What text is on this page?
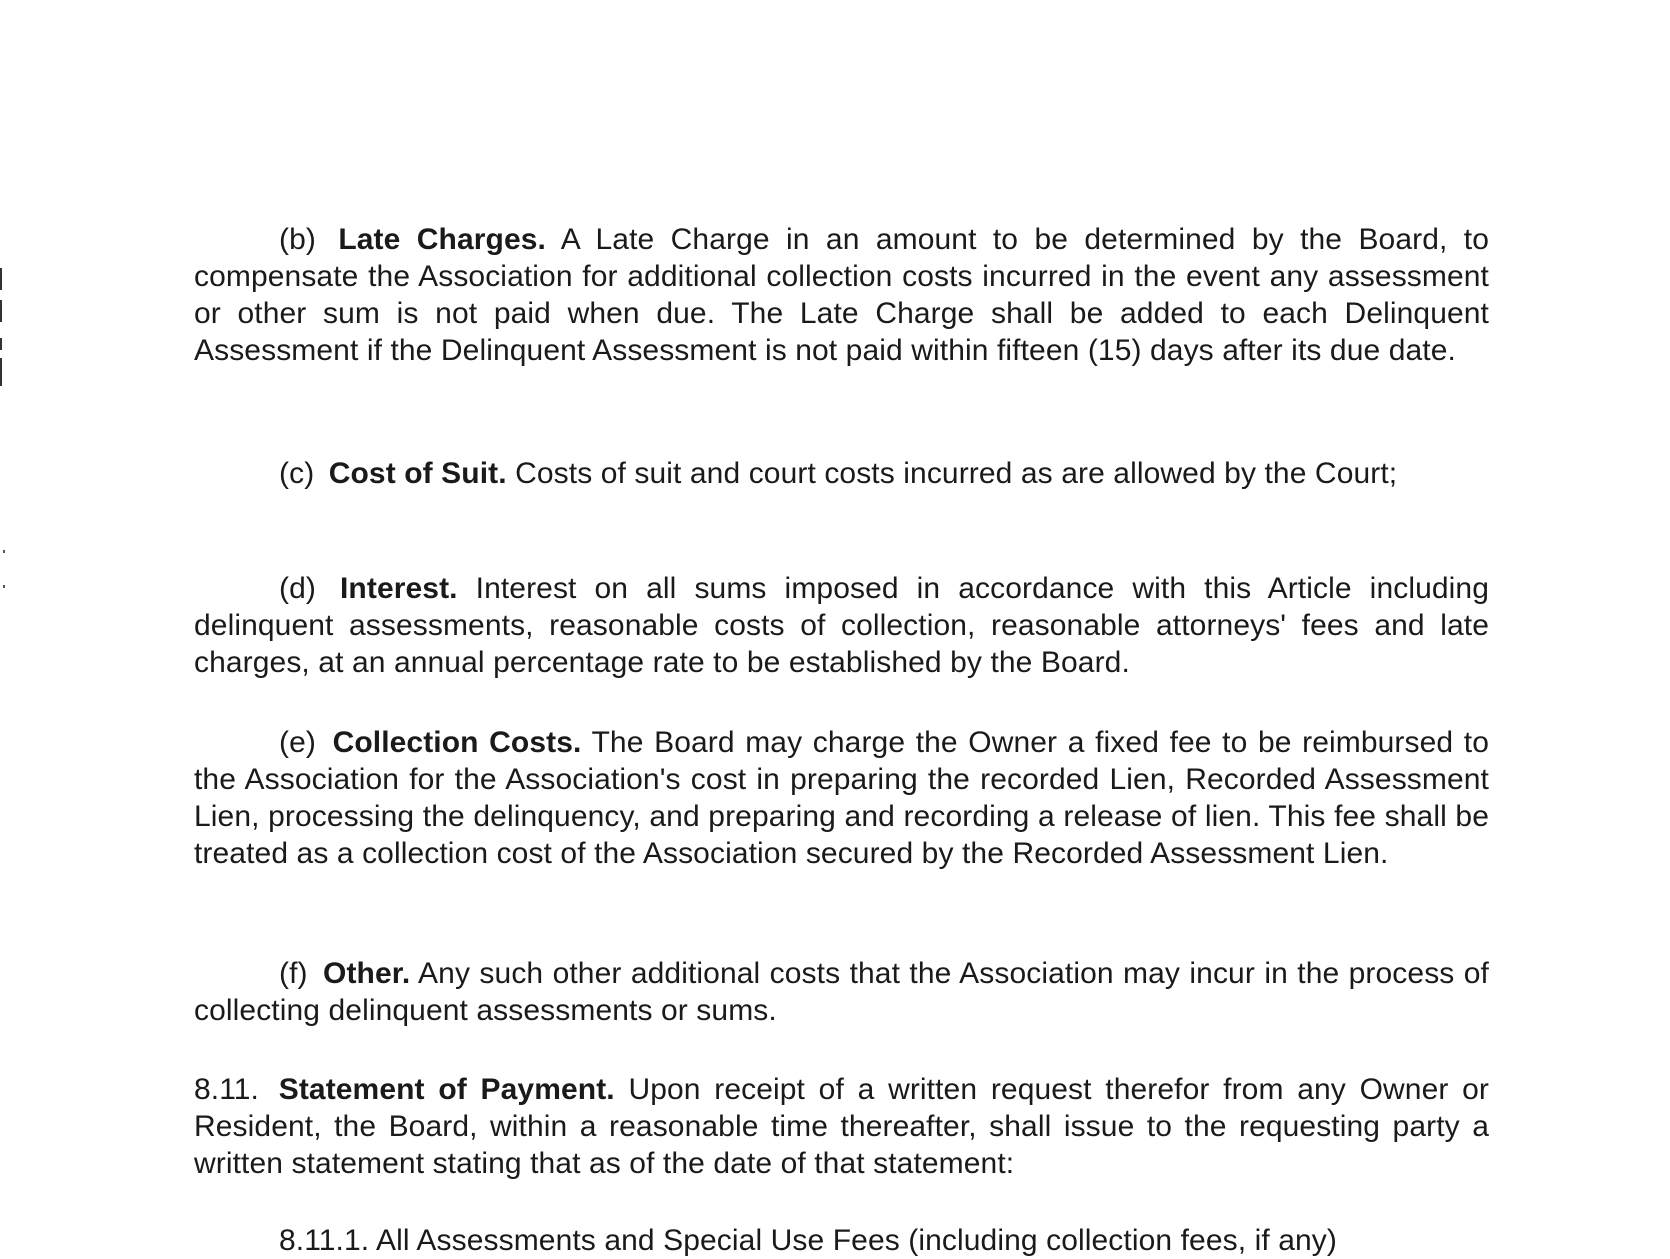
(b) Late Charges. A Late Charge in an amount to be determined by the Board, to compensate the Association for additional collection costs incurred in the event any assessment or other sum is not paid when due. The Late Charge shall be added to each Delinquent Assessment if the Delinquent Assessment is not paid within fifteen (15) days after its due date.
(c) Cost of Suit. Costs of suit and court costs incurred as are allowed by the Court;
(d) Interest. Interest on all sums imposed in accordance with this Article including delinquent assessments, reasonable costs of collection, reasonable attorneys' fees and late charges, at an annual percentage rate to be established by the Board.
(e) Collection Costs. The Board may charge the Owner a fixed fee to be reimbursed to the Association for the Association's cost in preparing the recorded Lien, Recorded Assessment Lien, processing the delinquency, and preparing and recording a release of lien. This fee shall be treated as a collection cost of the Association secured by the Recorded Assessment Lien.
(f) Other. Any such other additional costs that the Association may incur in the process of collecting delinquent assessments or sums.
8.11. Statement of Payment. Upon receipt of a written request therefor from any Owner or Resident, the Board, within a reasonable time thereafter, shall issue to the requesting party a written statement stating that as of the date of that statement:
8.11.1. All Assessments and Special Use Fees (including collection fees, if any)
